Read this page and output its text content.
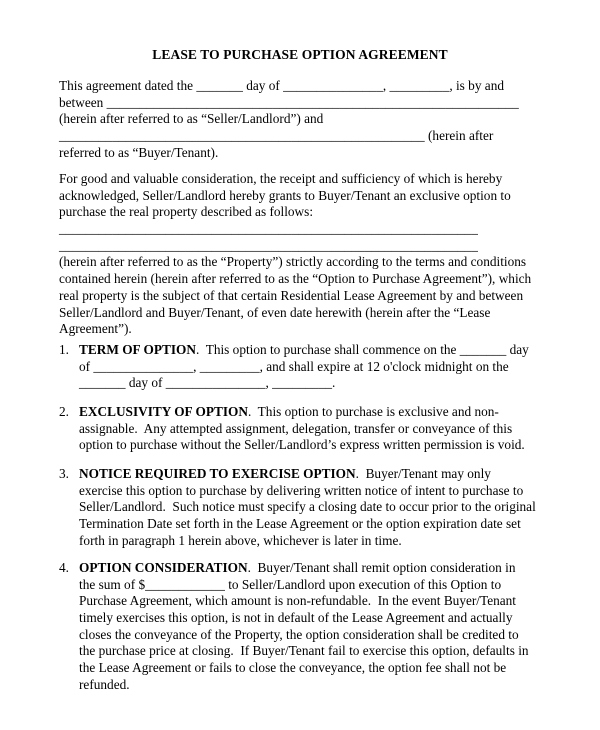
LEASE TO PURCHASE OPTION AGREEMENT
This agreement dated the _______ day of _______________, _________, is by and
between ______________________________________________________________
(herein after referred to as “Seller/Landlord”) and
_______________________________________________________ (herein after
referred to as “Buyer/Tenant).
For good and valuable consideration, the receipt and sufficiency of which is hereby
acknowledged, Seller/Landlord hereby grants to Buyer/Tenant an exclusive option to
purchase the real property described as follows:
_______________________________________________________________
_______________________________________________________________
(herein after referred to as the “Property”) strictly according to the terms and conditions
contained herein (herein after referred to as the “Option to Purchase Agreement”), which
real property is the subject of that certain Residential Lease Agreement by and between
Seller/Landlord and Buyer/Tenant, of even date herewith (herein after the “Lease
Agreement”).
1. TERM OF OPTION.  This option to purchase shall commence on the _______ day
of _______________, _________, and shall expire at 12 o'clock midnight on the
_______ day of _______________, _________.
2. EXCLUSIVITY OF OPTION.  This option to purchase is exclusive and non-
assignable.  Any attempted assignment, delegation, transfer or conveyance of this
option to purchase without the Seller/Landlord’s express written permission is void.
3. NOTICE REQUIRED TO EXERCISE OPTION.  Buyer/Tenant may only
exercise this option to purchase by delivering written notice of intent to purchase to
Seller/Landlord.  Such notice must specify a closing date to occur prior to the original
Termination Date set forth in the Lease Agreement or the option expiration date set
forth in paragraph 1 herein above, whichever is later in time.
4. OPTION CONSIDERATION.  Buyer/Tenant shall remit option consideration in
the sum of $____________ to Seller/Landlord upon execution of this Option to
Purchase Agreement, which amount is non-refundable.  In the event Buyer/Tenant
timely exercises this option, is not in default of the Lease Agreement and actually
closes the conveyance of the Property, the option consideration shall be credited to
the purchase price at closing.  If Buyer/Tenant fail to exercise this option, defaults in
the Lease Agreement or fails to close the conveyance, the option fee shall not be
refunded.
